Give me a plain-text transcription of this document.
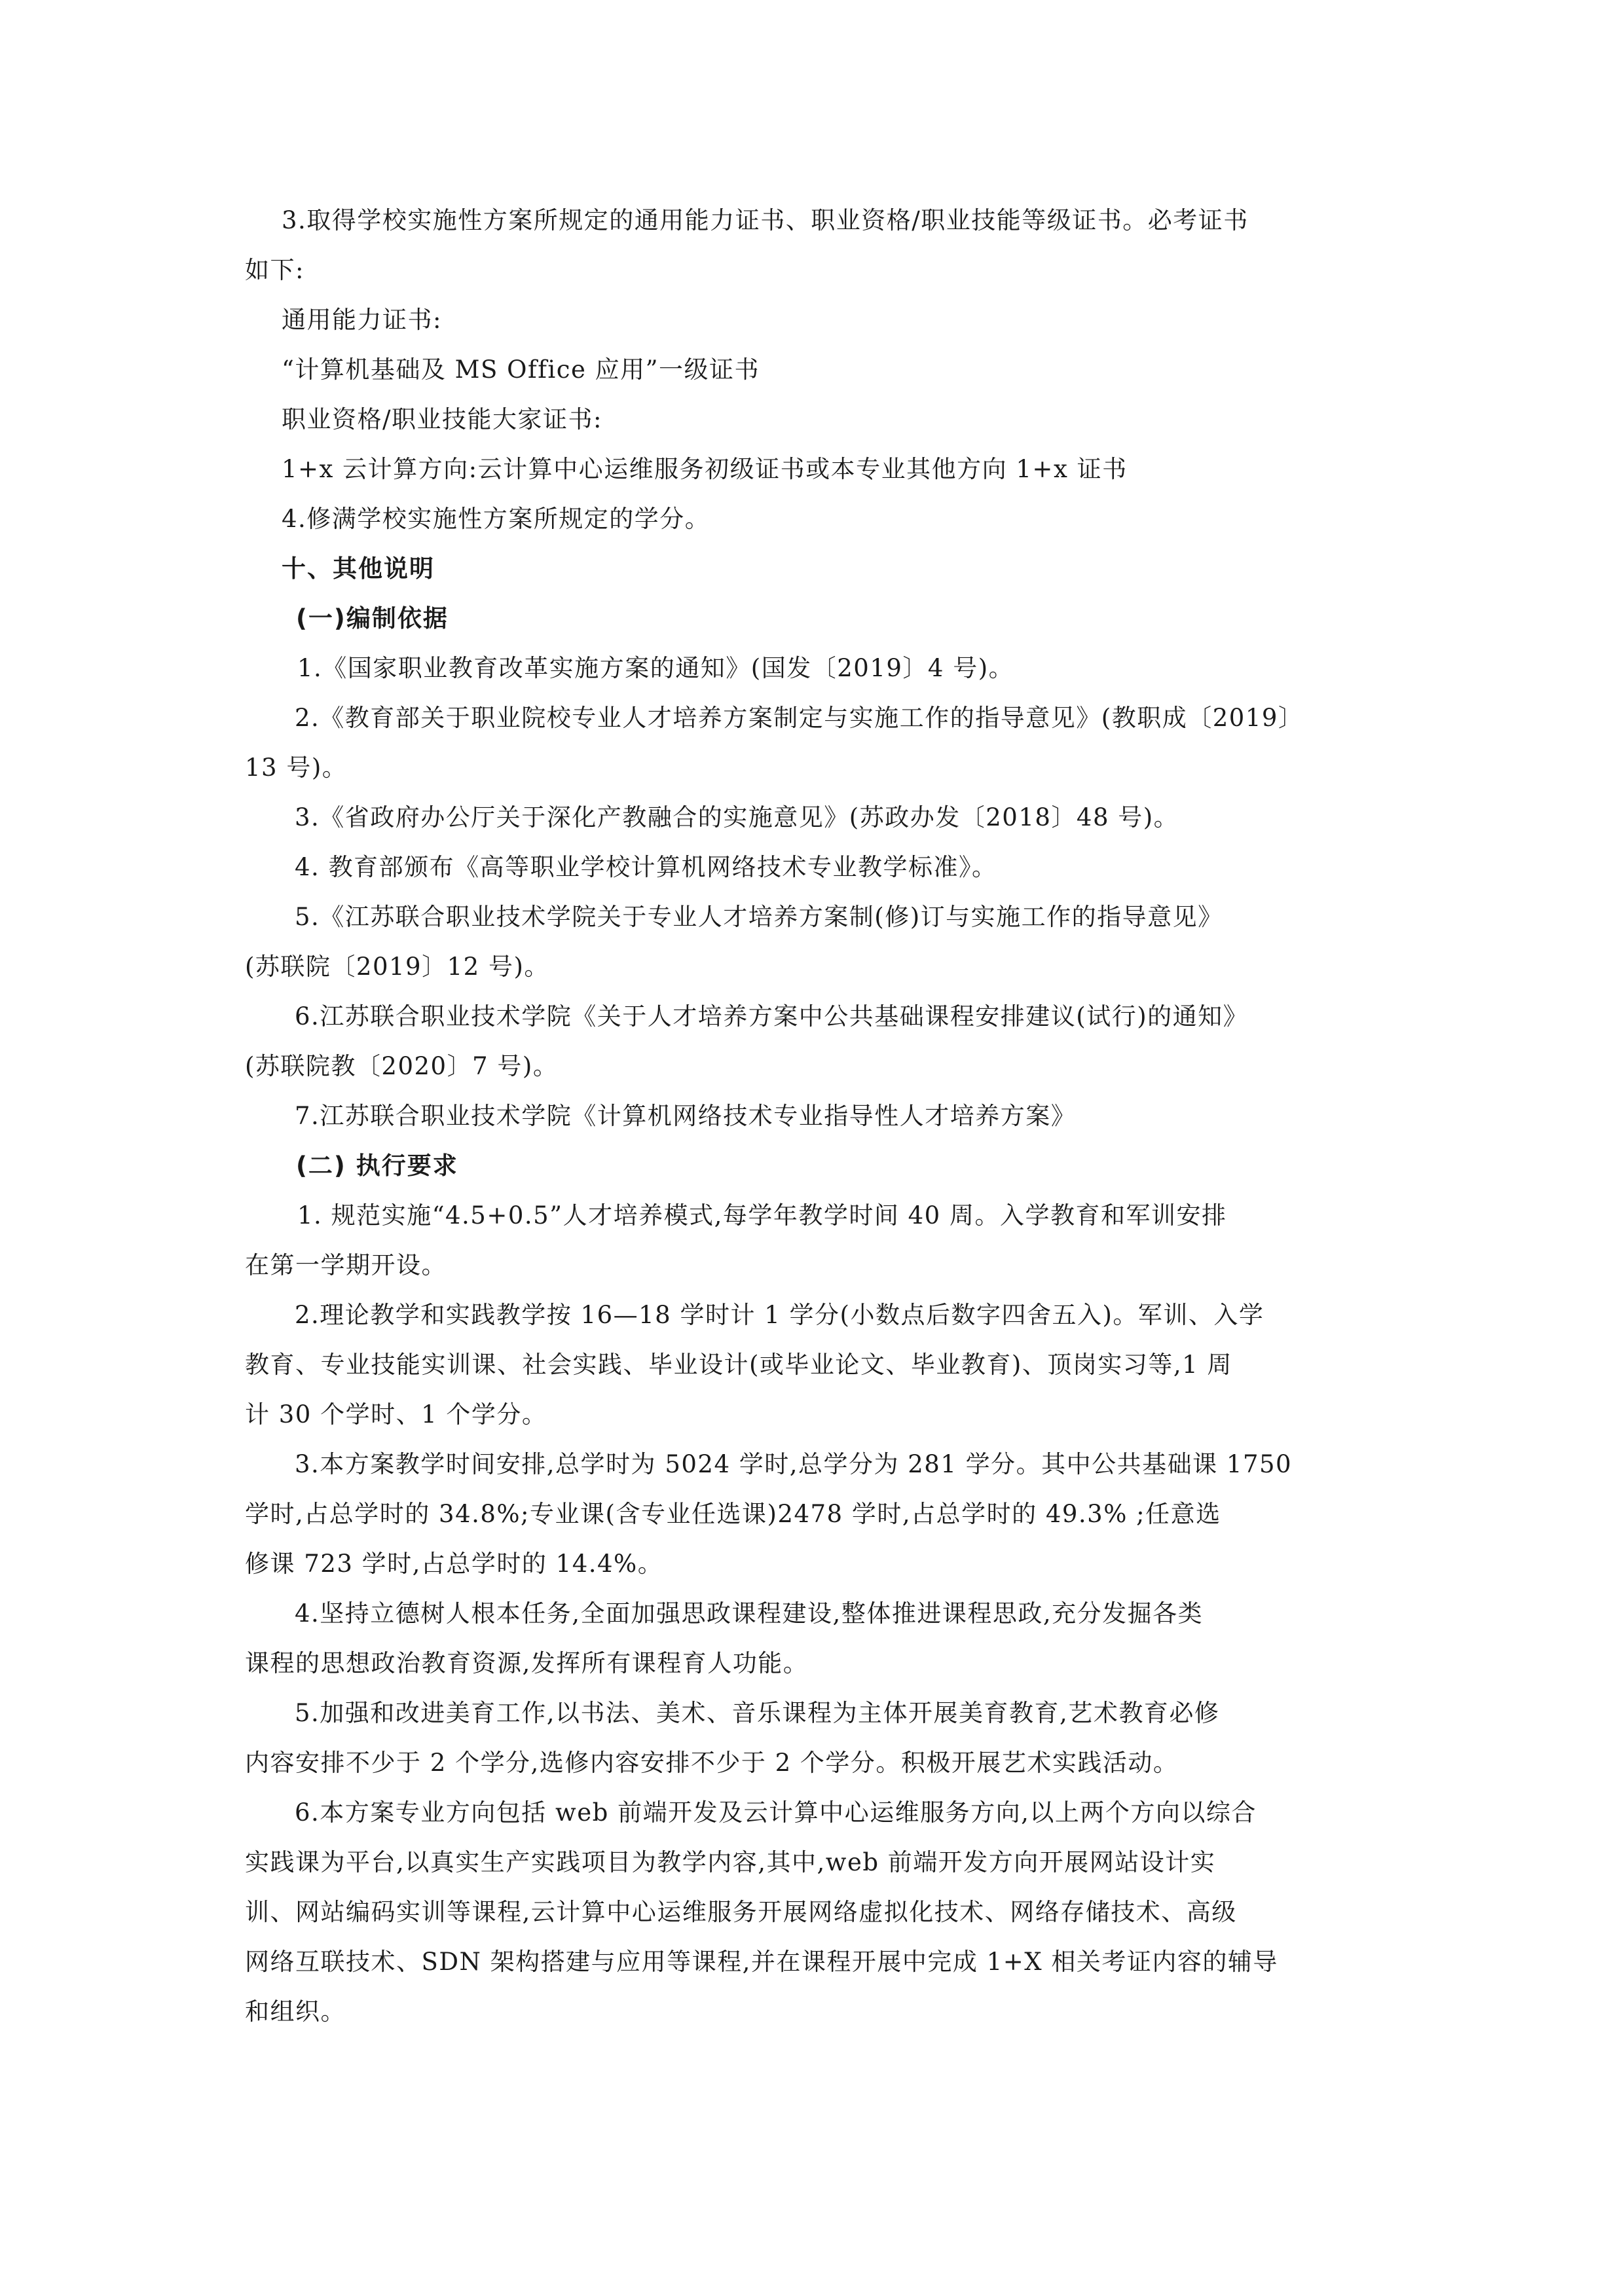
3.取得学校实施性方案所规定的通用能力证书、职业资格/职业技能等级证书。必考证书
如下:
通用能力证书:
“计算机基础及 MS Office 应用”一级证书
职业资格/职业技能大家证书:
1+x 云计算方向:云计算中心运维服务初级证书或本专业其他方向 1+x 证书
4.修满学校实施性方案所规定的学分。
十、其他说明
(一)编制依据
1.《国家职业教育改革实施方案的通知》(国发〔2019〕4 号)。
2.《教育部关于职业院校专业人才培养方案制定与实施工作的指导意见》(教职成〔2019〕
13 号)。
3.《省政府办公厅关于深化产教融合的实施意见》(苏政办发〔2018〕48 号)。
4. 教育部颁布《高等职业学校计算机网络技术专业教学标准》。
5.《江苏联合职业技术学院关于专业人才培养方案制(修)订与实施工作的指导意见》
(苏联院〔2019〕12 号)。
6.江苏联合职业技术学院《关于人才培养方案中公共基础课程安排建议(试行)的通知》
(苏联院教〔2020〕7 号)。
7.江苏联合职业技术学院《计算机网络技术专业指导性人才培养方案》
(二) 执行要求
1. 规范实施“4.5+0.5”人才培养模式,每学年教学时间 40 周。入学教育和军训安排
在第一学期开设。
2.理论教学和实践教学按 16—18 学时计 1 学分(小数点后数字四舍五入)。军训、入学
教育、专业技能实训课、社会实践、毕业设计(或毕业论文、毕业教育)、顶岗实习等,1 周
计 30 个学时、1 个学分。
3.本方案教学时间安排,总学时为 5024 学时,总学分为 281 学分。其中公共基础课 1750
学时,占总学时的 34.8%;专业课(含专业任选课)2478 学时,占总学时的 49.3% ;任意选
修课 723 学时,占总学时的 14.4%。
4.坚持立德树人根本任务,全面加强思政课程建设,整体推进课程思政,充分发掘各类
课程的思想政治教育资源,发挥所有课程育人功能。
5.加强和改进美育工作,以书法、美术、音乐课程为主体开展美育教育,艺术教育必修
内容安排不少于 2 个学分,选修内容安排不少于 2 个学分。积极开展艺术实践活动。
6.本方案专业方向包括 web 前端开发及云计算中心运维服务方向,以上两个方向以综合
实践课为平台,以真实生产实践项目为教学内容,其中,web 前端开发方向开展网站设计实
训、网站编码实训等课程,云计算中心运维服务开展网络虚拟化技术、网络存储技术、高级
网络互联技术、SDN 架构搭建与应用等课程,并在课程开展中完成 1+X 相关考证内容的辅导
和组织。
